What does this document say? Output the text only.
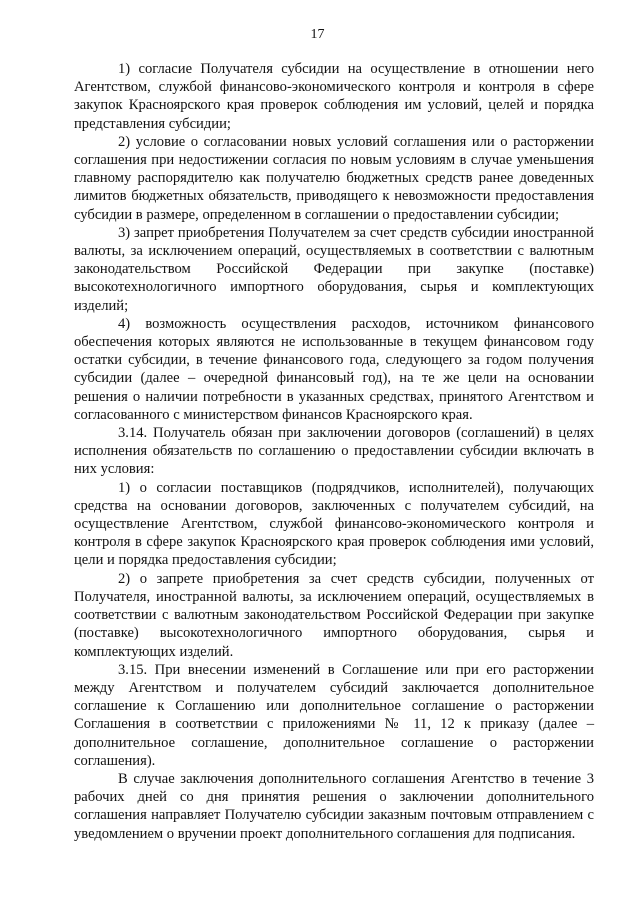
17

1) согласие Получателя субсидии на осуществление в отношении него Агентством, службой финансово-экономического контроля и контроля в сфере закупок Красноярского края проверок соблюдения им условий, целей и порядка представления субсидии;

2) условие о согласовании новых условий соглашения или о расторжении соглашения при недостижении согласия по новым условиям в случае уменьшения главному распорядителю как получателю бюджетных средств ранее доведенных лимитов бюджетных обязательств, приводящего к невозможности предоставления субсидии в размере, определенном в соглашении о предоставлении субсидии;

3) запрет приобретения Получателем за счет средств субсидии иностранной валюты, за исключением операций, осуществляемых в соответствии с валютным законодательством Российской Федерации при закупке (поставке) высокотехнологичного импортного оборудования, сырья и комплектующих изделий;

4) возможность осуществления расходов, источником финансового обеспечения которых являются не использованные в текущем финансовом году остатки субсидии, в течение финансового года, следующего за годом получения субсидии (далее – очередной финансовый год), на те же цели на основании решения о наличии потребности в указанных средствах, принятого Агентством и согласованного с министерством финансов Красноярского края.

3.14. Получатель обязан при заключении договоров (соглашений) в целях исполнения обязательств по соглашению о предоставлении субсидии включать в них условия:

1) о согласии поставщиков (подрядчиков, исполнителей), получающих средства на основании договоров, заключенных с получателем субсидий, на осуществление Агентством, службой финансово-экономического контроля и контроля в сфере закупок Красноярского края проверок соблюдения ими условий, цели и порядка предоставления субсидии;

2) о запрете приобретения за счет средств субсидии, полученных от Получателя, иностранной валюты, за исключением операций, осуществляемых в соответствии с валютным законодательством Российской Федерации при закупке (поставке) высокотехнологичного импортного оборудования, сырья и комплектующих изделий.

3.15. При внесении изменений в Соглашение или при его расторжении между Агентством и получателем субсидий заключается дополнительное соглашение к Соглашению или дополнительное соглашение о расторжении Соглашения в соответствии с приложениями № 11, 12 к приказу (далее – дополнительное соглашение, дополнительное соглашение о расторжении соглашения).

В случае заключения дополнительного соглашения Агентство в течение 3 рабочих дней со дня принятия решения о заключении дополнительного соглашения направляет Получателю субсидии заказным почтовым отправлением с уведомлением о вручении проект дополнительного соглашения для подписания.
